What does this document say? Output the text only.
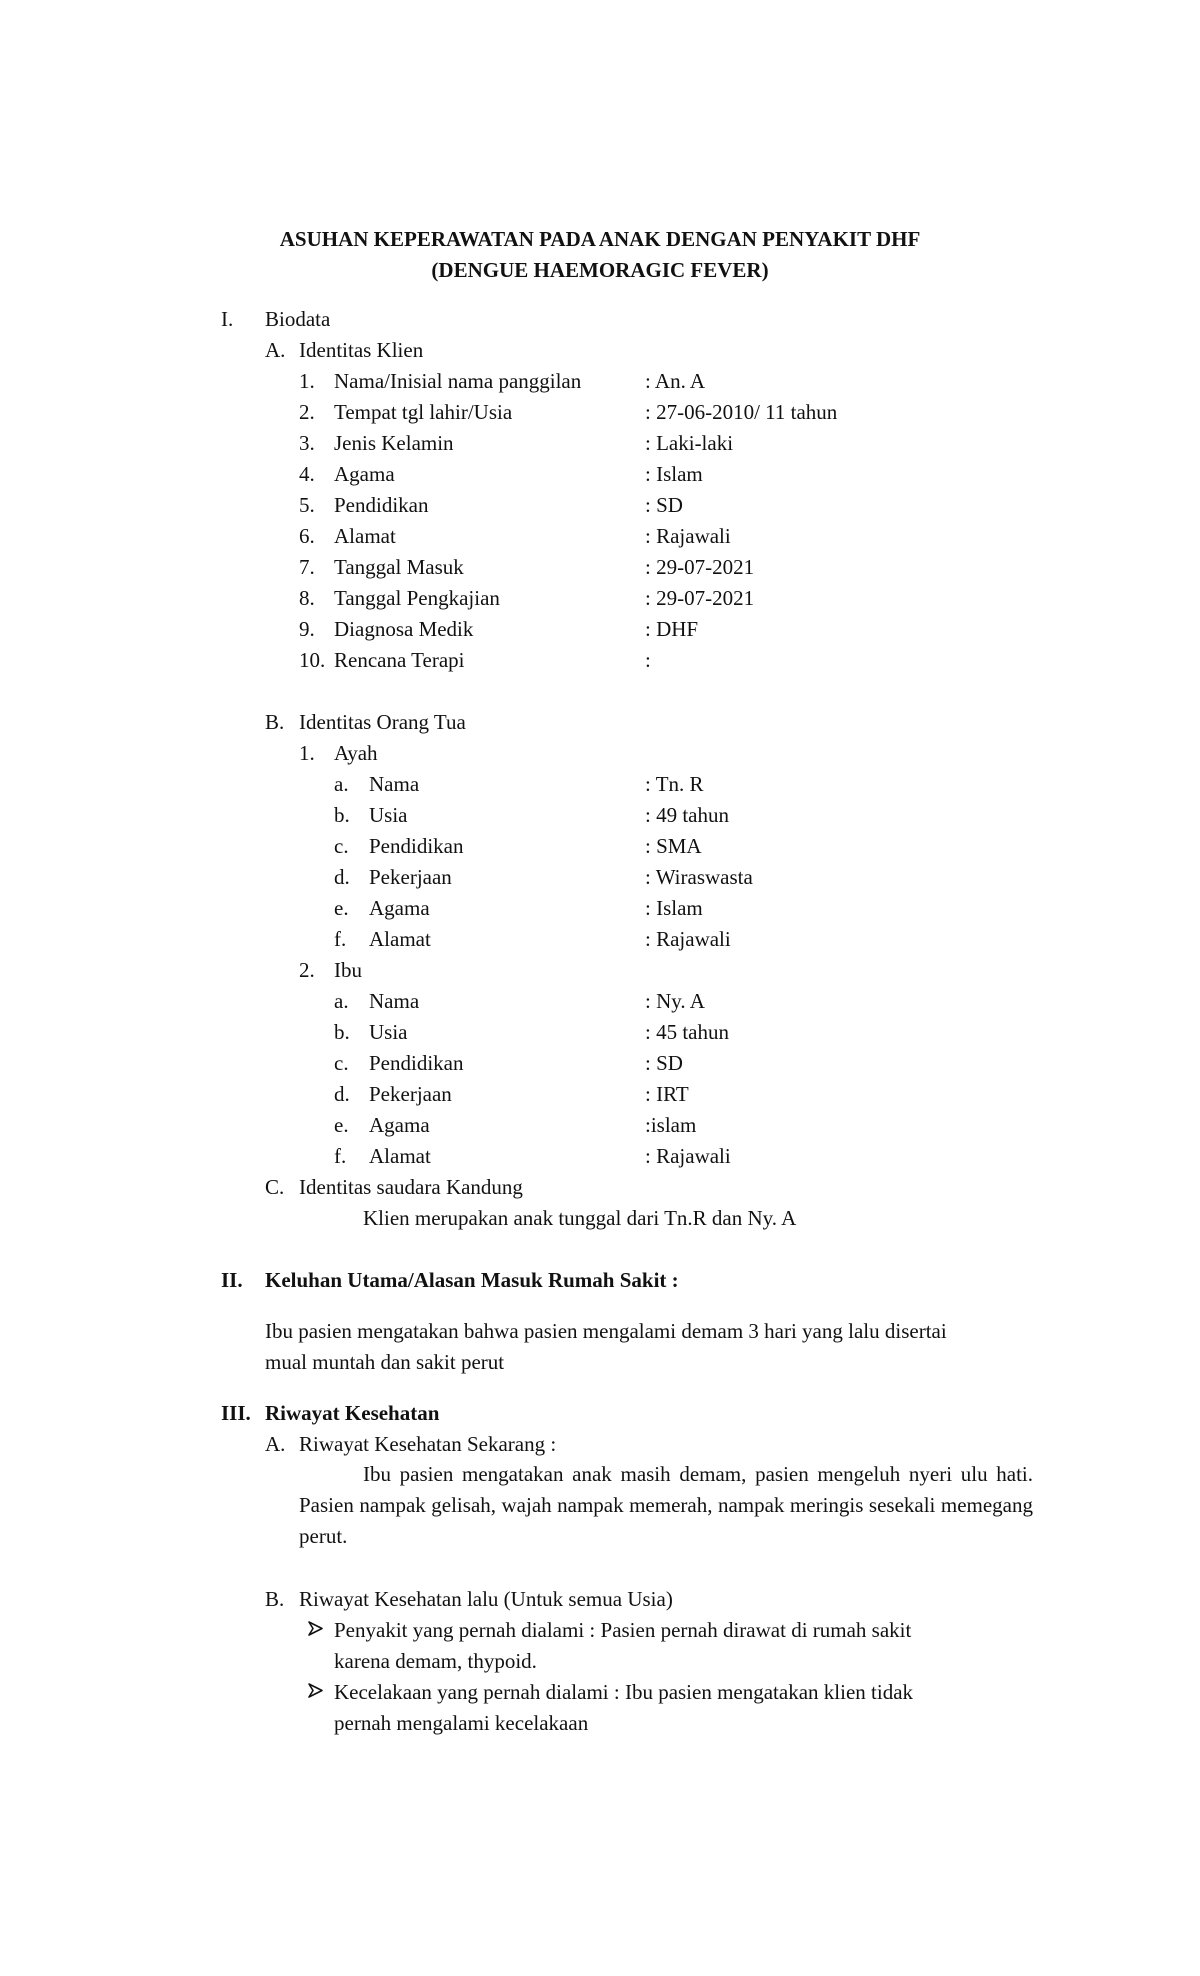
ASUHAN KEPERAWATAN PADA ANAK DENGAN PENYAKIT DHF
(DENGUE HAEMORAGIC FEVER)
I. Biodata
A. Identitas Klien
1. Nama/Inisial nama panggilan	: An. A
2. Tempat tgl lahir/Usia	: 27-06-2010/ 11 tahun
3. Jenis Kelamin	: Laki-laki
4. Agama	: Islam
5. Pendidikan	: SD
6. Alamat	: Rajawali
7. Tanggal Masuk	: 29-07-2021
8. Tanggal Pengkajian	: 29-07-2021
9. Diagnosa Medik	: DHF
10. Rencana Terapi	:
B. Identitas Orang Tua
1. Ayah
a. Nama	: Tn. R
b. Usia	: 49 tahun
c. Pendidikan	: SMA
d. Pekerjaan	: Wiraswasta
e. Agama	: Islam
f. Alamat	: Rajawali
2. Ibu
a. Nama	: Ny. A
b. Usia	: 45 tahun
c. Pendidikan	: SD
d. Pekerjaan	: IRT
e. Agama	:islam
f. Alamat	: Rajawali
C. Identitas saudara Kandung
Klien merupakan anak tunggal dari Tn.R dan Ny. A
II. Keluhan Utama/Alasan Masuk Rumah Sakit :
Ibu pasien mengatakan bahwa pasien mengalami demam 3 hari yang lalu disertai
mual muntah dan sakit perut
III. Riwayat Kesehatan
A. Riwayat Kesehatan Sekarang :
Ibu pasien mengatakan anak masih demam, pasien mengeluh nyeri ulu hati. Pasien nampak gelisah, wajah nampak memerah, nampak meringis sesekali memegang perut.
B. Riwayat Kesehatan lalu (Untuk semua Usia)
Penyakit yang pernah dialami : Pasien pernah dirawat di rumah sakit
karena demam, thypoid.
Kecelakaan yang pernah dialami : Ibu pasien mengatakan klien tidak
pernah mengalami kecelakaan
